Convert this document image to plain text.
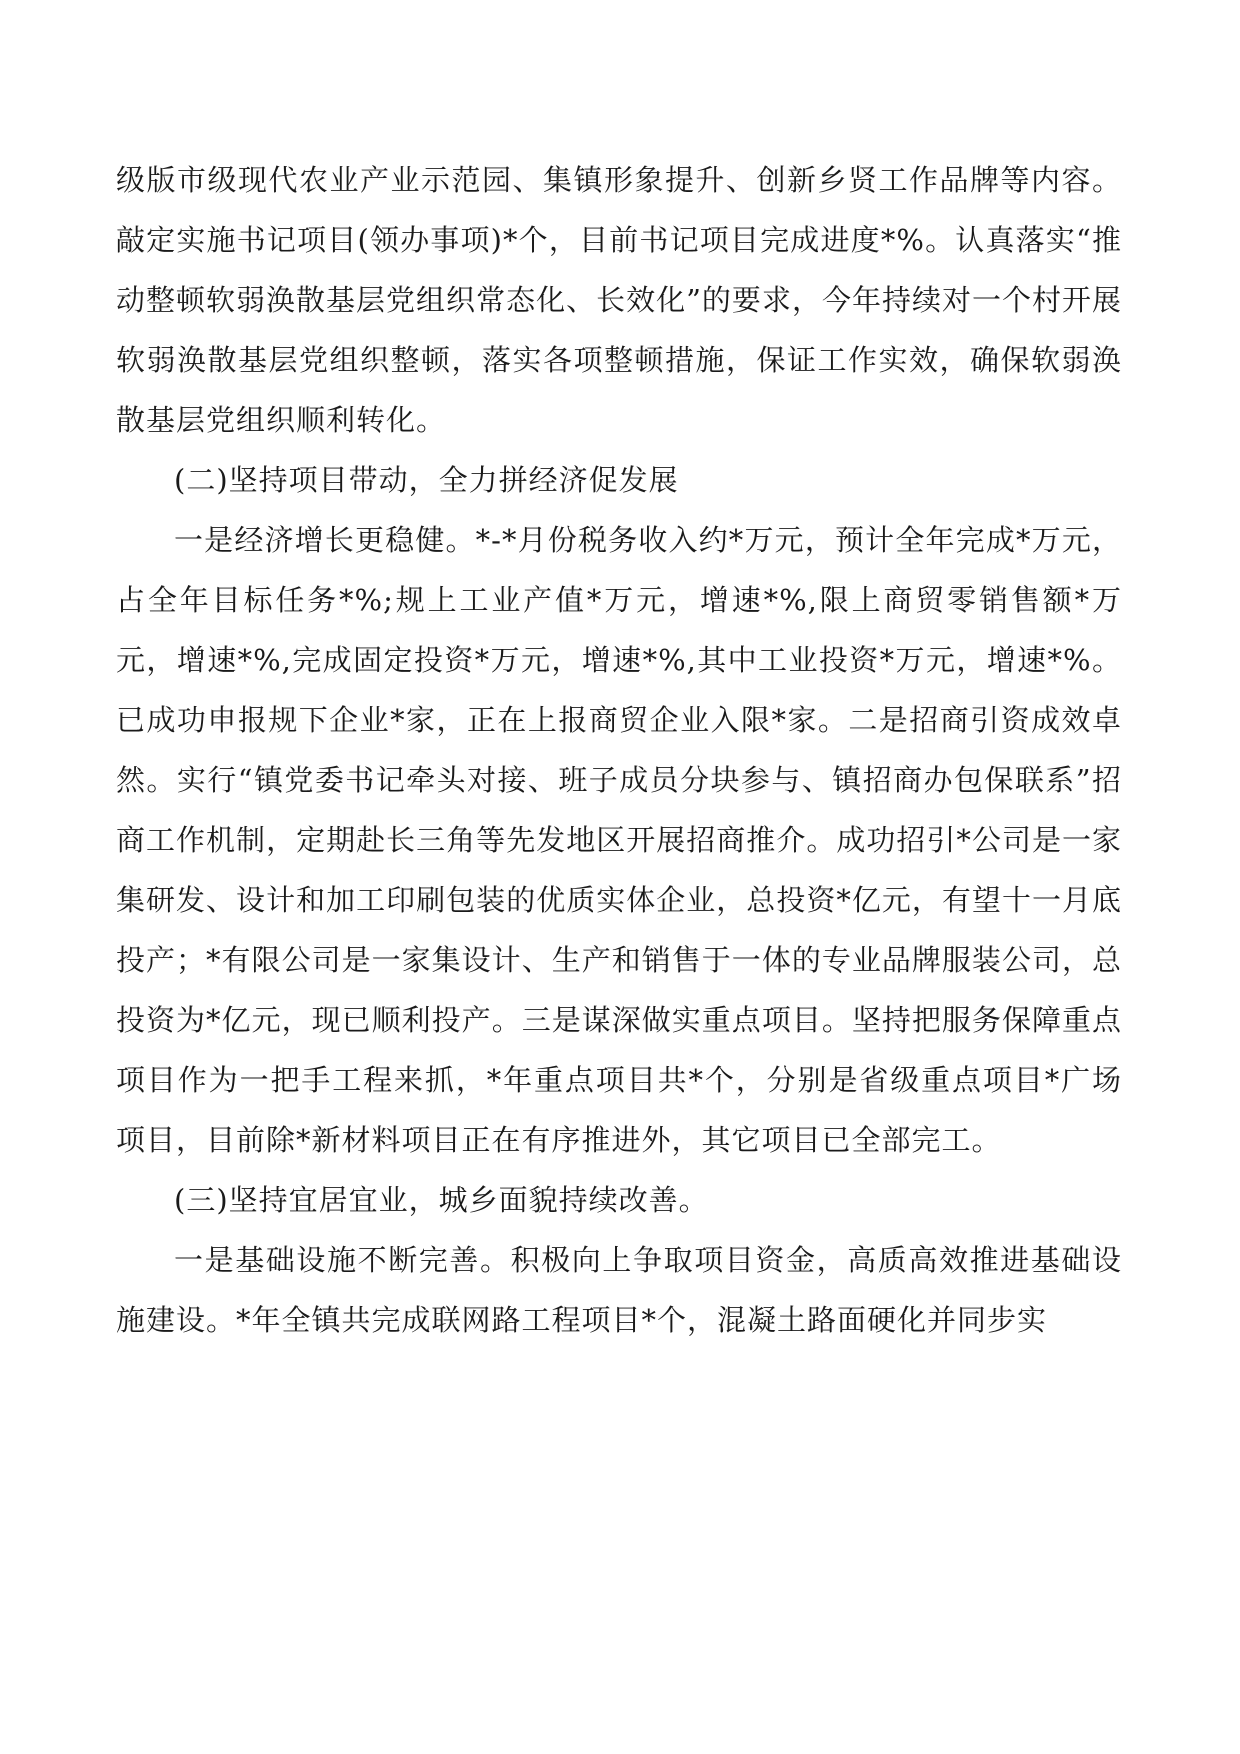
级版市级现代农业产业示范园、集镇形象提升、创新乡贤工作品牌等内容。敲定实施书记项目(领办事项)*个，目前书记项目完成进度*%。认真落实“推动整顿软弱涣散基层党组织常态化、长效化”的要求，今年持续对一个村开展软弱涣散基层党组织整顿，落实各项整顿措施，保证工作实效，确保软弱涣散基层党组织顺利转化。

(二)坚持项目带动，全力拼经济促发展

一是经济增长更稳健。*-*月份税务收入约*万元，预计全年完成*万元，占全年目标任务*%;规上工业产值*万元，增速*%,限上商贸零销售额*万元，增速*%,完成固定投资*万元，增速*%,其中工业投资*万元，增速*%。已成功申报规下企业*家，正在上报商贸企业入限*家。二是招商引资成效卓然。实行“镇党委书记牵头对接、班子成员分块参与、镇招商办包保联系”招商工作机制，定期赴长三角等先发地区开展招商推介。成功招引*公司是一家集研发、设计和加工印刷包装的优质实体企业，总投资*亿元，有望十一月底投产；*有限公司是一家集设计、生产和销售于一体的专业品牌服装公司，总投资为*亿元，现已顺利投产。三是谋深做实重点项目。坚持把服务保障重点项目作为一把手工程来抓，*年重点项目共*个，分别是省级重点项目*广场项目，目前除*新材料项目正在有序推进外，其它项目已全部完工。

(三)坚持宜居宜业，城乡面貌持续改善。

一是基础设施不断完善。积极向上争取项目资金，高质高效推进基础设施建设。*年全镇共完成联网路工程项目*个，混凝土路面硬化并同步实
